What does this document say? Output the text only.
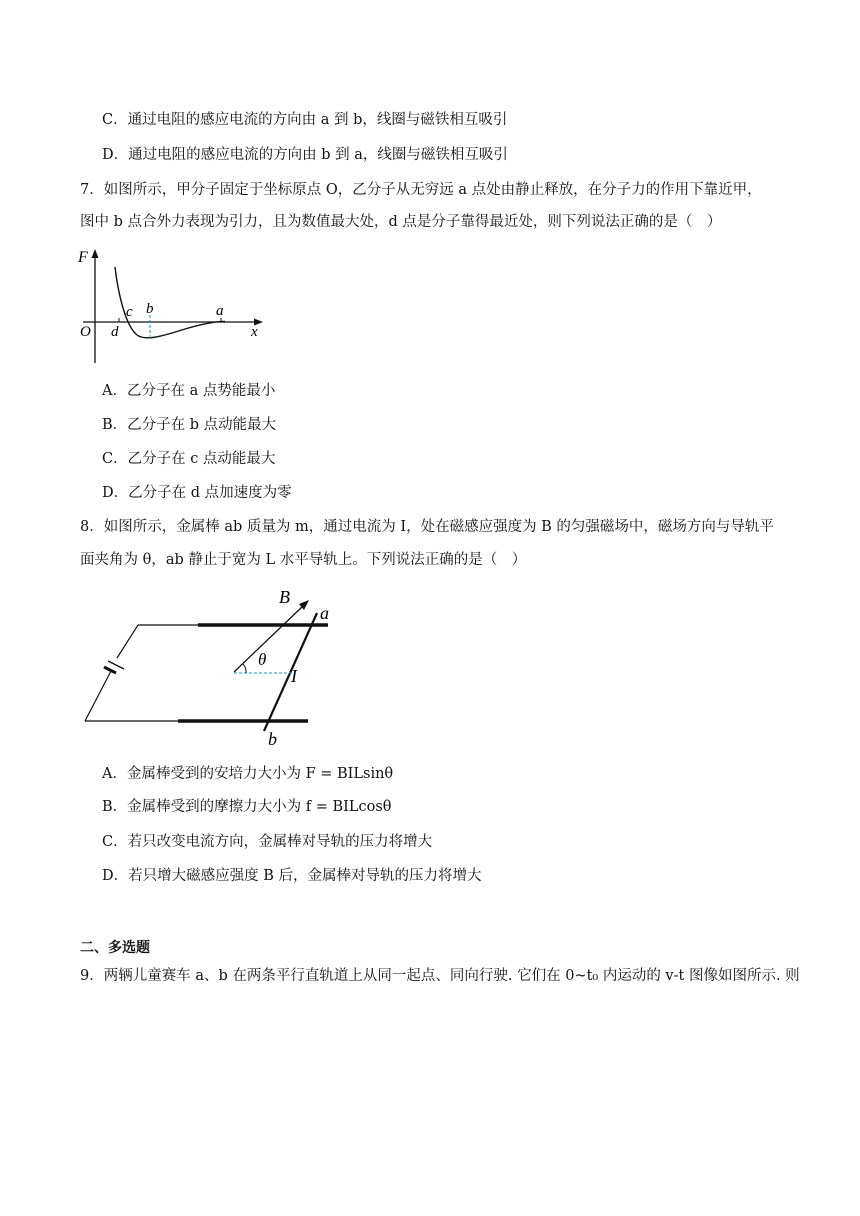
C．通过电阻的感应电流的方向由 a 到 b，线圈与磁铁相互吸引
D．通过电阻的感应电流的方向由 b 到 a，线圈与磁铁相互吸引
7．如图所示，甲分子固定于坐标原点 O，乙分子从无穷远 a 点处由静止释放，在分子力的作用下靠近甲，
图中 b 点合外力表现为引力，且为数值最大处，d 点是分子靠得最近处，则下列说法正确的是（　）
F
O	x
c b	a
d
A．乙分子在 a 点势能最小
B．乙分子在 b 点动能最大
C．乙分子在 c 点动能最大
D．乙分子在 d 点加速度为零
8．如图所示，金属棒 ab 质量为 m，通过电流为 I，处在磁感应强度为 B 的匀强磁场中，磁场方向与导轨平
面夹角为 θ，ab 静止于宽为 L 水平导轨上。下列说法正确的是（　）
B
a
θ
I
b
A．金属棒受到的安培力大小为 F = BILsinθ
B．金属棒受到的摩擦力大小为 f = BILcosθ
C．若只改变电流方向，金属棒对导轨的压力将增大
D．若只增大磁感应强度 B 后，金属棒对导轨的压力将增大
二、多选题
9．两辆儿童赛车 a、b 在两条平行直轨道上从同一起点、同向行驶. 它们在 0~t₀ 内运动的 v-t 图像如图所示. 则
